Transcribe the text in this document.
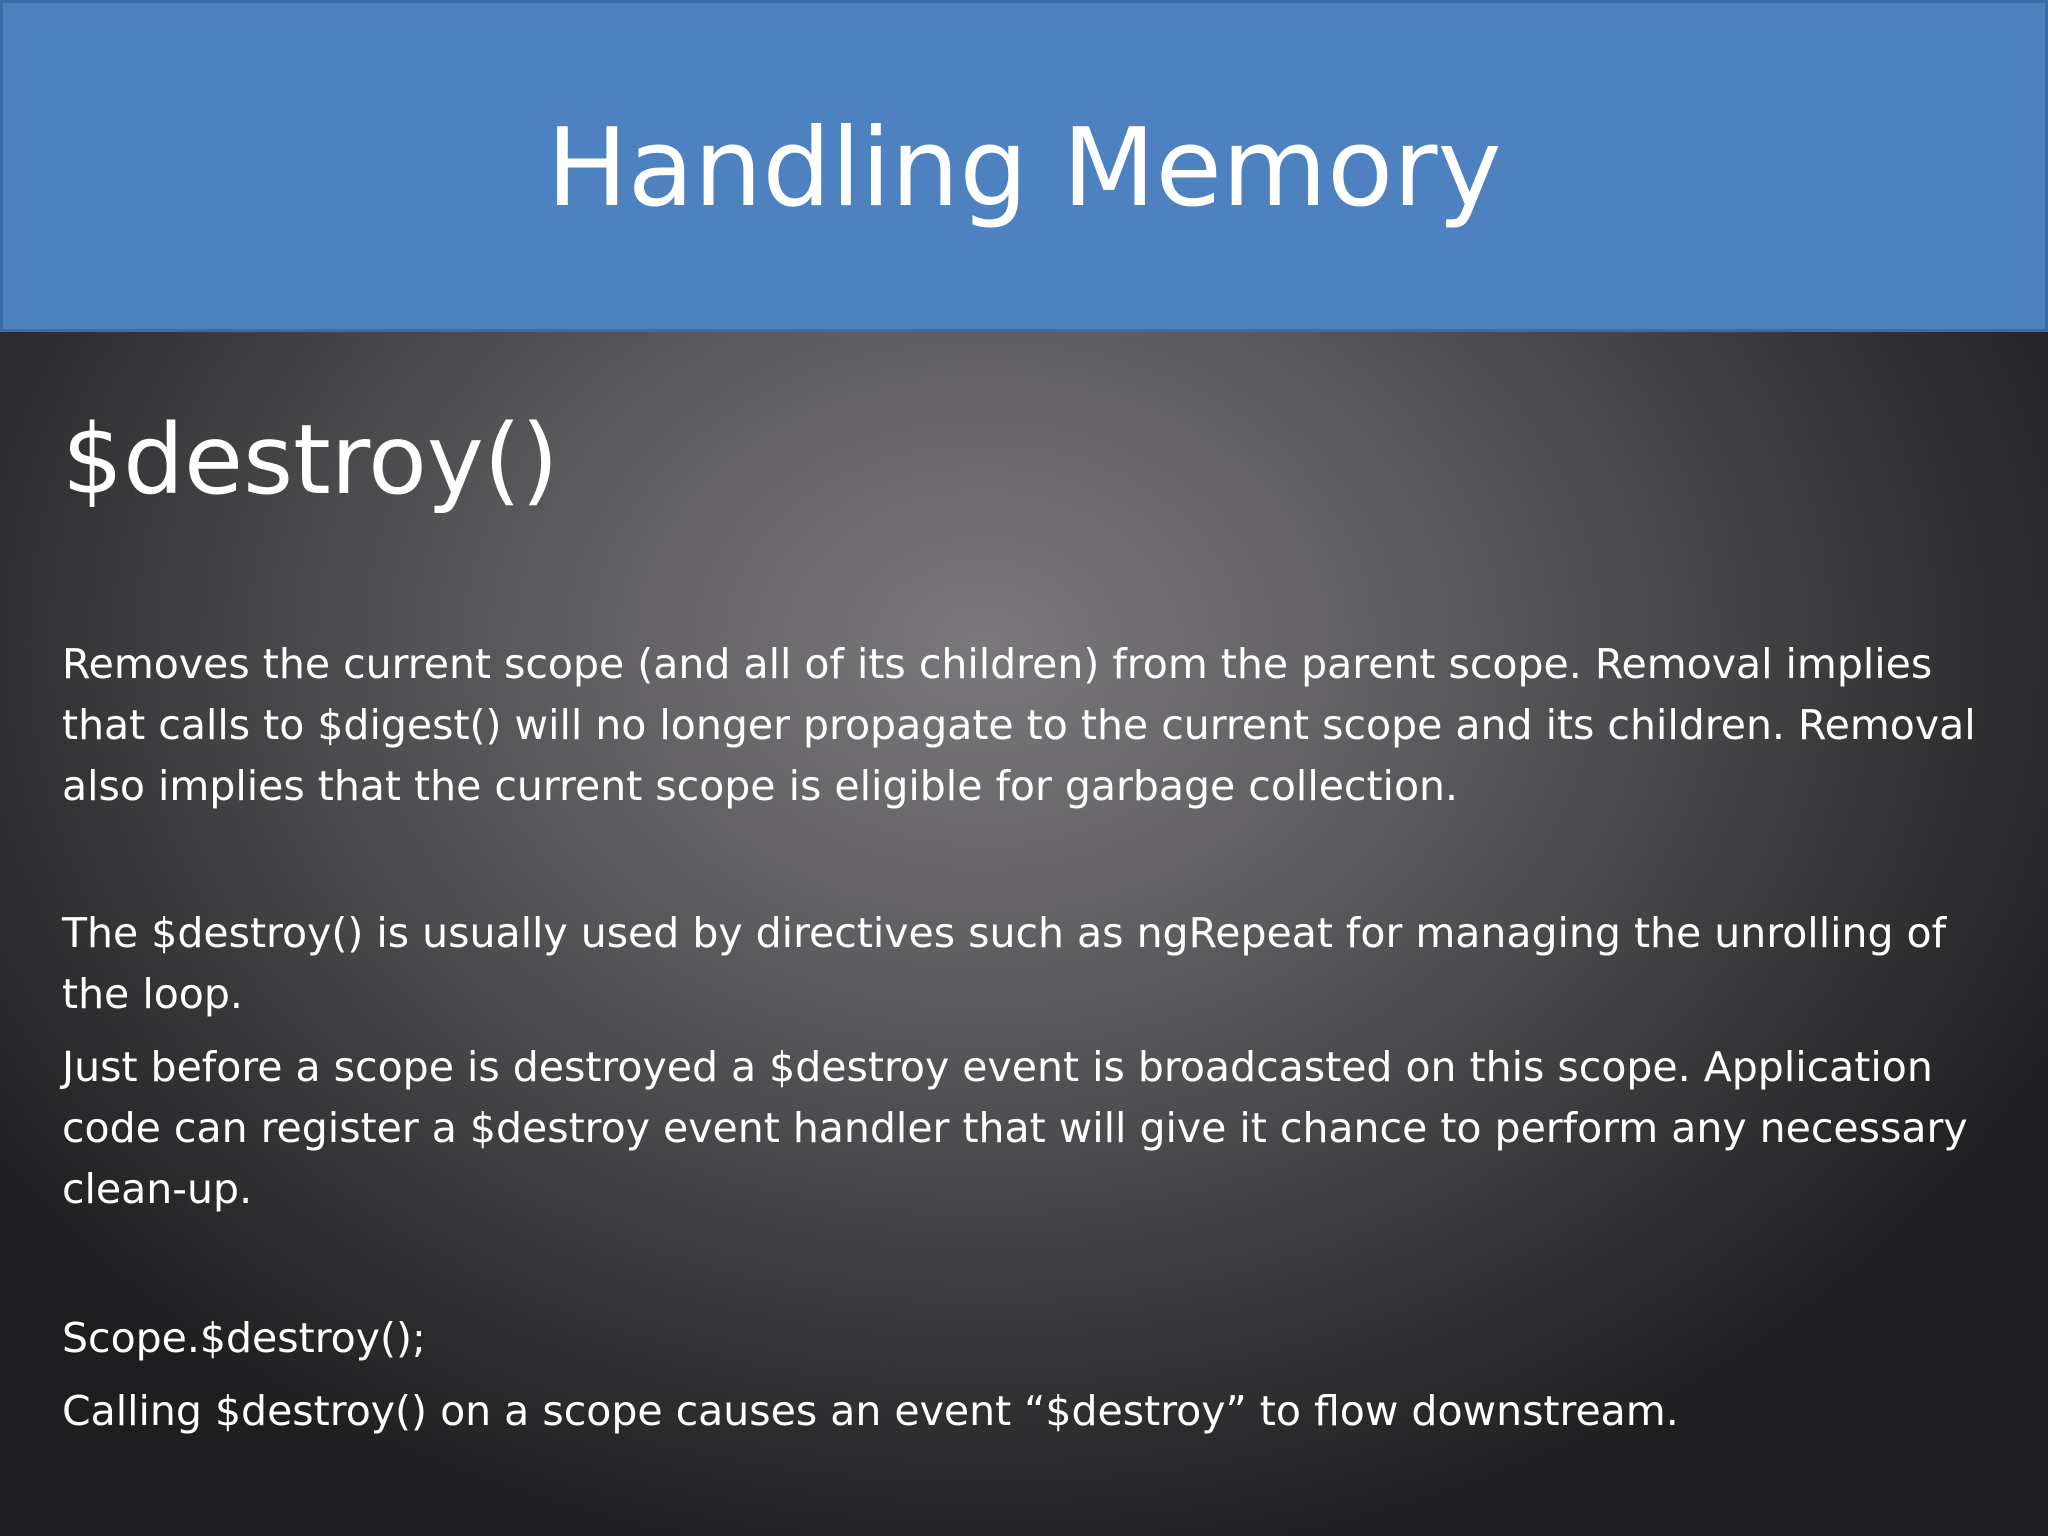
Handling Memory
$destroy()

Removes the current scope (and all of its children) from the parent scope. Removal implies
that calls to $digest() will no longer propagate to the current scope and its children. Removal
also implies that the current scope is eligible for garbage collection.

The $destroy() is usually used by directives such as ngRepeat for managing the unrolling of
the loop.

Just before a scope is destroyed a $destroy event is broadcasted on this scope. Application
code can register a $destroy event handler that will give it chance to perform any necessary
clean-up.

Scope.$destroy();

Calling $destroy() on a scope causes an event “$destroy” to flow downstream.
